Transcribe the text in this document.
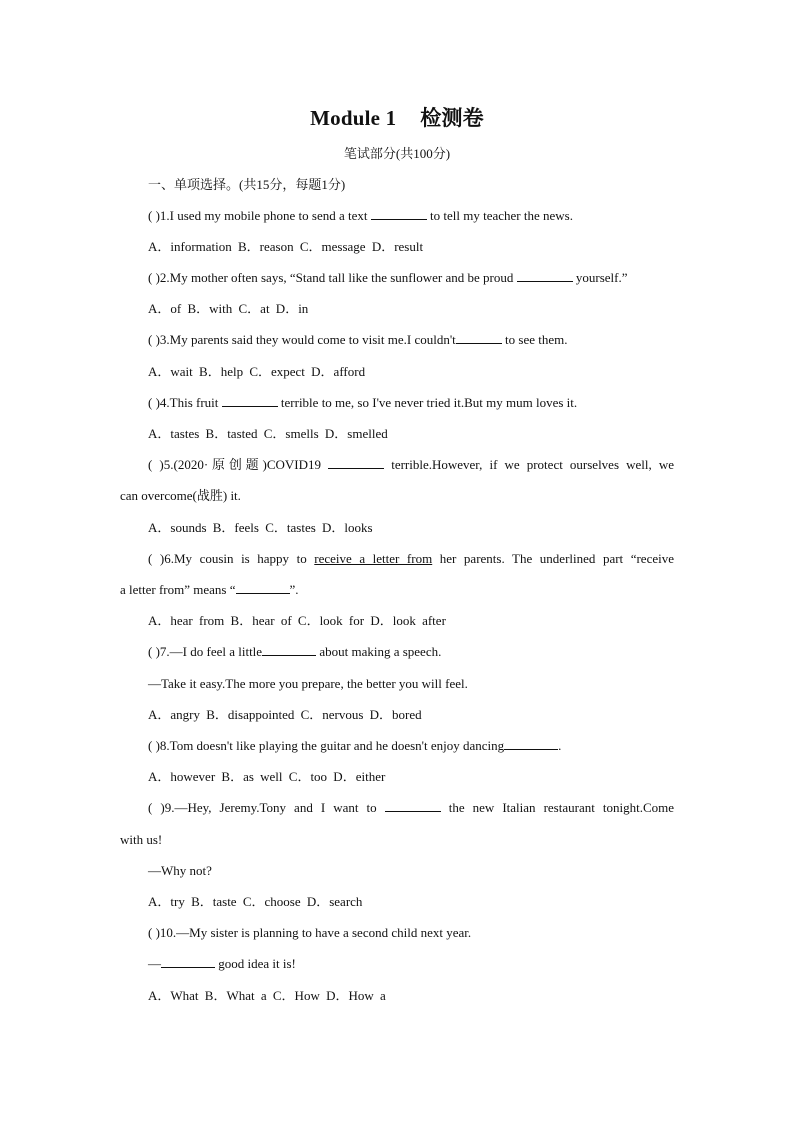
Module 1 检测卷
笔试部分(共100分)
一、单项选择。(共15分，每题1分)
( )1.I used my mobile phone to send a text	to tell my teacher the news.
A．information B．reason C．message D．result
( )2.My mother often says, “Stand tall like the sunflower and be proud	yourself.”
A．of B．with C．at D．in
( )3.My parents said they would come to visit me.I couldn't	to see them.
A．wait B．help C．expect D．afford
( )4.This fruit	terrible to me, so I've never tried it.But my mum loves it.
A．tastes B．tasted C．smells D．smelled
( )5.(2020·原创题)COVID19	terrible.However, if we protect ourselves well, we
can overcome(战胜) it.
A．sounds B．feels C．tastes D．looks
( )6.My cousin is happy to receive a letter from her parents. The underlined part “receive
a letter from” means “	”.
A．hear from B．hear of C．look for D．look after
( )7.—I do feel a little	about making a speech.
—Take it easy.The more you prepare, the better you will feel.
A．angry B．disappointed C．nervous D．bored
( )8.Tom doesn't like playing the guitar and he doesn't enjoy dancing	.
A．however B．as well C．too D．either
( )9.—Hey, Jeremy.Tony and I want to	the new Italian restaurant tonight.Come
with us!
—Why not?
A．try B．taste C．choose D．search
( )10.—My sister is planning to have a second child next year.
—	good idea it is!
A．What B．What a C．How D．How a
